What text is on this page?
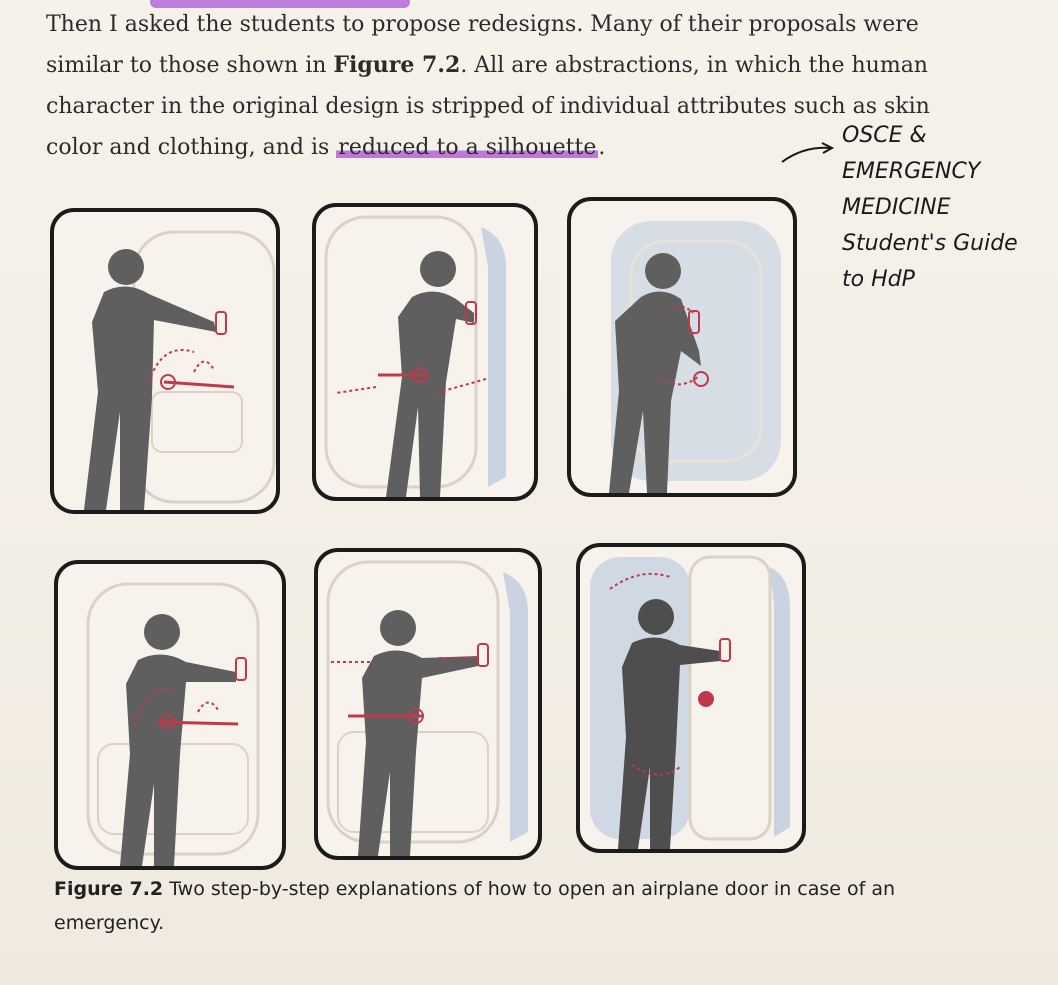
Then I asked the students to propose redesigns. Many of their proposals were

similar to those shown in Figure 7.2. All are abstractions, in which the human

character in the original design is stripped of individual attributes such as skin

color and clothing, and is reduced to a silhouette.	OSCE &
EMERGENCY
MEDICINE
Student's Guide
to HdP
Figure 7.2 Two step-by-step explanations of how to open an airplane door in case of an
emergency.
